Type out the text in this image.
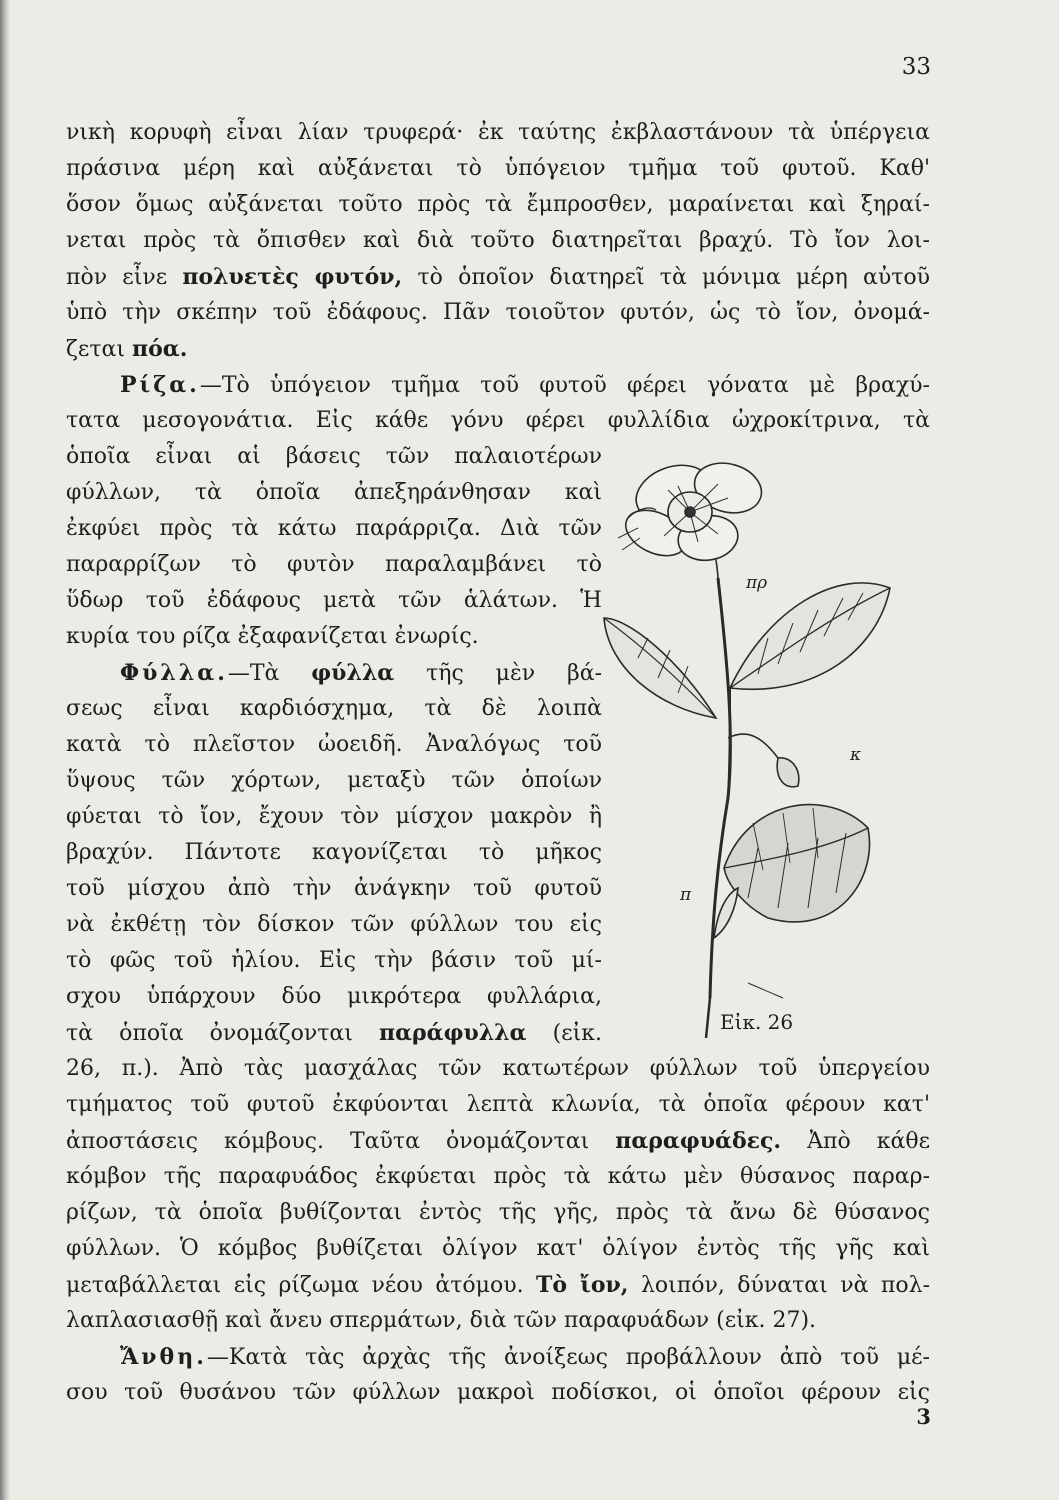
33
νικὴ κορυφὴ εἶναι λίαν τρυφερά· ἐκ ταύτης ἐκβλαστάνουν τὰ ὑπέργεια
πράσινα μέρη καὶ αὐξάνεται τὸ ὑπόγειον τμῆμα τοῦ φυτοῦ. Καθ'
ὅσον ὅμως αὐξάνεται τοῦτο πρὸς τὰ ἔμπροσθεν, μαραίνεται καὶ ξηραί-
νεται πρὸς τὰ ὄπισθεν καὶ διὰ τοῦτο διατηρεῖται βραχύ. Τὸ ἴον λοι-
πὸν εἶνε πολυετὲς φυτόν, τὸ ὁποῖον διατηρεῖ τὰ μόνιμα μέρη αὐτοῦ
ὑπὸ τὴν σκέπην τοῦ ἐδάφους. Πᾶν τοιοῦτον φυτόν, ὡς τὸ ἴον, ὀνομά-
ζεται πόα.
Ρίζα.—Τὸ ὑπόγειον τμῆμα τοῦ φυτοῦ φέρει γόνατα μὲ βραχύ-
τατα μεσογονάτια. Εἰς κάθε γόνυ φέρει φυλλίδια ὠχροκίτρινα, τὰ
ὁποῖα εἶναι αἱ βάσεις τῶν παλαιοτέρων
φύλλων, τὰ ὁποῖα ἀπεξηράνθησαν καὶ
ἐκφύει πρὸς τὰ κάτω παράρριζα. Διὰ τῶν
παραρρίζων τὸ φυτὸν παραλαμβάνει τὸ
ὕδωρ τοῦ ἐδάφους μετὰ τῶν ἁλάτων. Ἡ
κυρία του ρίζα ἐξαφανίζεται ἐνωρίς.
Φύλλα.—Τὰ φύλλα τῆς μὲν βά-
σεως εἶναι καρδιόσχημα, τὰ δὲ λοιπὰ
κατὰ τὸ πλεῖστον ὠοειδῆ. Ἀναλόγως τοῦ
ὕψους τῶν χόρτων, μεταξὺ τῶν ὁποίων
φύεται τὸ ἴον, ἔχουν τὸν μίσχον μακρὸν ἢ
βραχύν. Πάντοτε καγονίζεται τὸ μῆκος
τοῦ μίσχου ἀπὸ τὴν ἀνάγκην τοῦ φυτοῦ
νὰ ἐκθέτῃ τὸν δίσκον τῶν φύλλων του εἰς
τὸ φῶς τοῦ ἡλίου. Εἰς τὴν βάσιν τοῦ μί-
σχου ὑπάρχουν δύο μικρότερα φυλλάρια,
τὰ ὁποῖα ὀνομάζονται παράφυλλα (εἰκ.
26, π.). Ἀπὸ τὰς μασχάλας τῶν κατωτέρων φύλλων τοῦ ὑπεργείου
τμήματος τοῦ φυτοῦ ἐκφύονται λεπτὰ κλωνία, τὰ ὁποῖα φέρουν κατ'
ἀποστάσεις κόμβους. Ταῦτα ὀνομάζονται παραφυάδες. Ἀπὸ κάθε
κόμβον τῆς παραφυάδος ἐκφύεται πρὸς τὰ κάτω μὲν θύσανος παραρ-
ρίζων, τὰ ὁποῖα βυθίζονται ἐντὸς τῆς γῆς, πρὸς τὰ ἄνω δὲ θύσανος
φύλλων. Ὁ κόμβος βυθίζεται ὀλίγον κατ' ὀλίγον ἐντὸς τῆς γῆς καὶ
μεταβάλλεται εἰς ρίζωμα νέου ἀτόμου. Τὸ ἴον, λοιπόν, δύναται νὰ πολ-
λαπλασιασθῇ καὶ ἄνευ σπερμάτων, διὰ τῶν παραφυάδων (εἰκ. 27).
Ἄνθη.—Κατὰ τὰς ἀρχὰς τῆς ἀνοίξεως προβάλλουν ἀπὸ τοῦ μέ-
σου τοῦ θυσάνου τῶν φύλλων μακροὶ ποδίσκοι, οἱ ὁποῖοι φέρουν εἰς
3
πρ
κ
π
Εἰκ. 26
